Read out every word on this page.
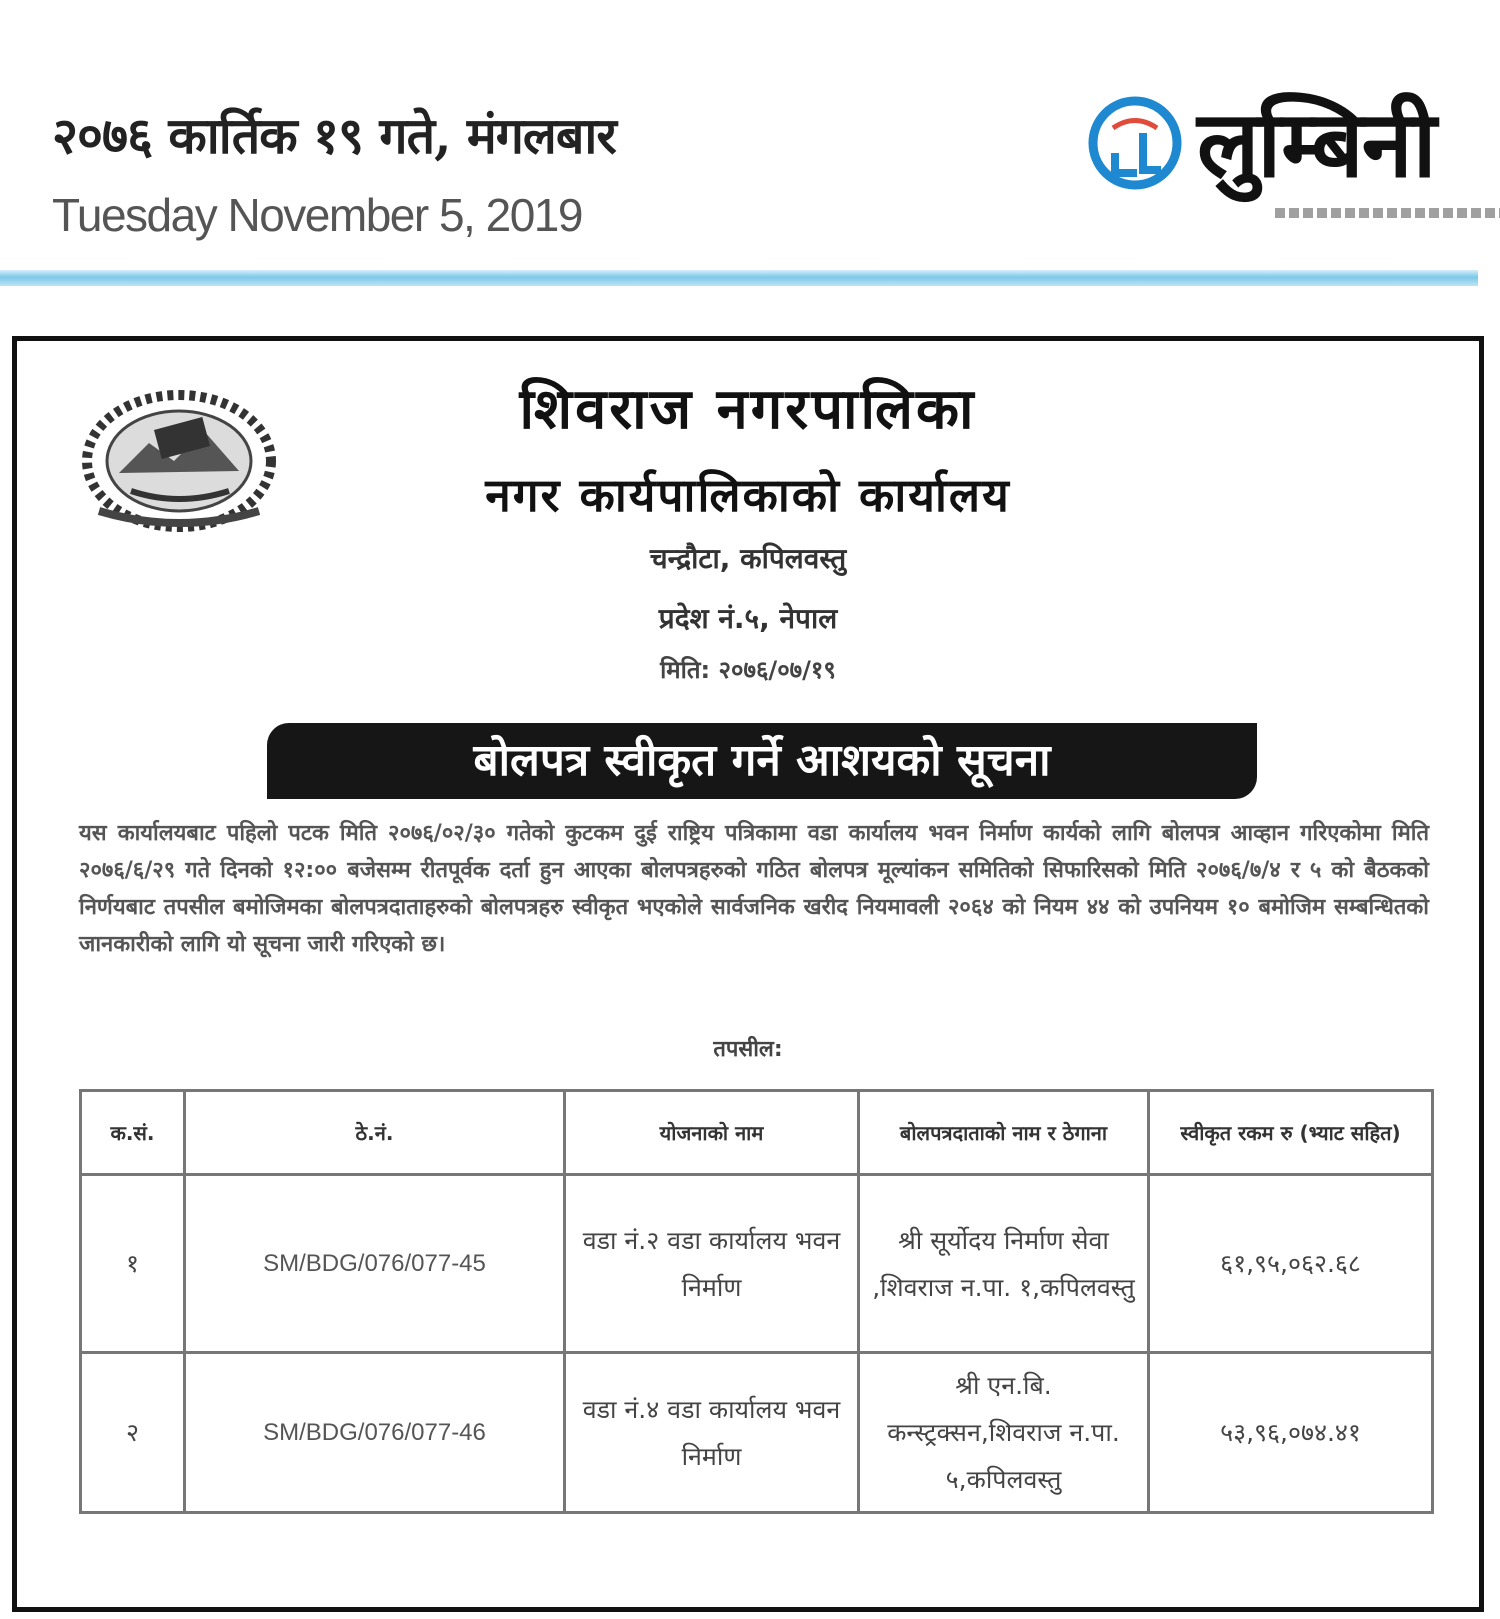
२०७६ कार्तिक १९ गते, मंगलबार
Tuesday November 5, 2019
लुम्बिनी
शिवराज नगरपालिका
नगर कार्यपालिकाको कार्यालय
चन्द्रौटा, कपिलवस्तु
प्रदेश नं.५, नेपाल
मिति: २०७६/०७/१९
बोलपत्र स्वीकृत गर्ने आशयको सूचना
यस कार्यालयबाट पहिलो पटक मिति २०७६/०२/३० गतेको कुटकम दुई राष्ट्रिय पत्रिकामा वडा कार्यालय भवन निर्माण कार्यको लागि बोलपत्र आव्हान गरिएकोमा मिति २०७६/६/२९ गते दिनको १२:०० बजेसम्म रीतपूर्वक दर्ता हुन आएका बोलपत्रहरुको गठित बोलपत्र मूल्यांकन समितिको सिफारिसको मिति २०७६/७/४ र ५ को बैठकको निर्णयबाट तपसील बमोजिमका बोलपत्रदाताहरुको बोलपत्रहरु स्वीकृत भएकोले सार्वजनिक खरीद नियमावली २०६४ को नियम ४४ को उपनियम १० बमोजिम सम्बन्धितको जानकारीको लागि यो सूचना जारी गरिएको छ।
तपसील:
क.सं.	ठे.नं.	योजनाको नाम	बोलपत्रदाताको नाम र ठेगाना	स्वीकृत रकम रु (भ्याट सहित)
१	SM/BDG/076/077-45	वडा नं.२ वडा कार्यालय भवन निर्माण	श्री सूर्योदय निर्माण सेवा ,शिवराज न.पा. १,कपिलवस्तु	६१,९५,०६२.६८
२	SM/BDG/076/077-46	वडा नं.४ वडा कार्यालय भवन निर्माण	श्री एन.बि. कन्स्ट्रक्सन,शिवराज न.पा. ५,कपिलवस्तु	५३,९६,०७४.४१
